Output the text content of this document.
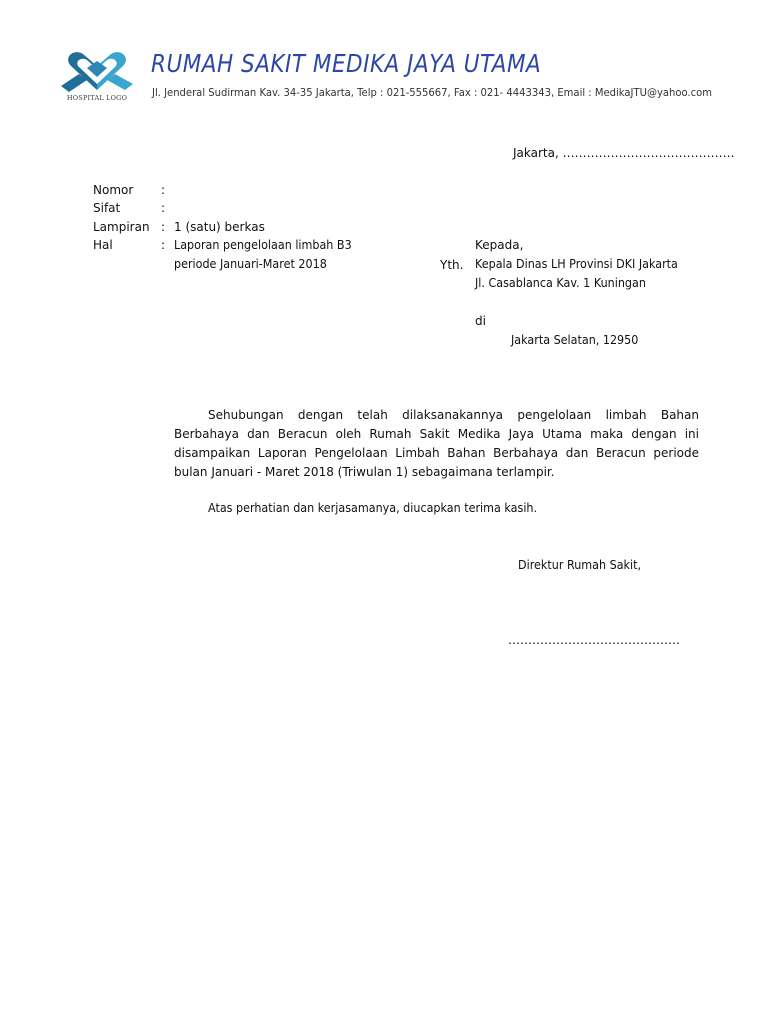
HOSPITAL LOGO
RUMAH SAKIT MEDIKA JAYA UTAMA
Jl. Jenderal Sudirman Kav. 34-35 Jakarta, Telp : 021-555667, Fax : 021- 4443343, Email : MedikaJTU@yahoo.com
Jakarta, …………………………………….
Nomor :
Sifat	:
Lampiran : 1 (satu) berkas
Hal	: Laporan pengelolaan limbah B3
periode Januari-Maret 2018
Kepada,
Yth. Kepala Dinas LH Provinsi DKI Jakarta
Jl. Casablanca Kav. 1 Kuningan
di
Jakarta Selatan, 12950

Sehubungan dengan telah dilaksanakannya pengelolaan limbah Bahan Berbahaya dan Beracun oleh Rumah Sakit Medika Jaya Utama maka dengan ini disampaikan Laporan Pengelolaan Limbah Bahan Berbahaya dan Beracun periode bulan Januari - Maret 2018 (Triwulan 1) sebagaimana terlampir.

Atas perhatian dan kerjasamanya, diucapkan terima kasih.
Direktur Rumah Sakit,
…………………………………….
